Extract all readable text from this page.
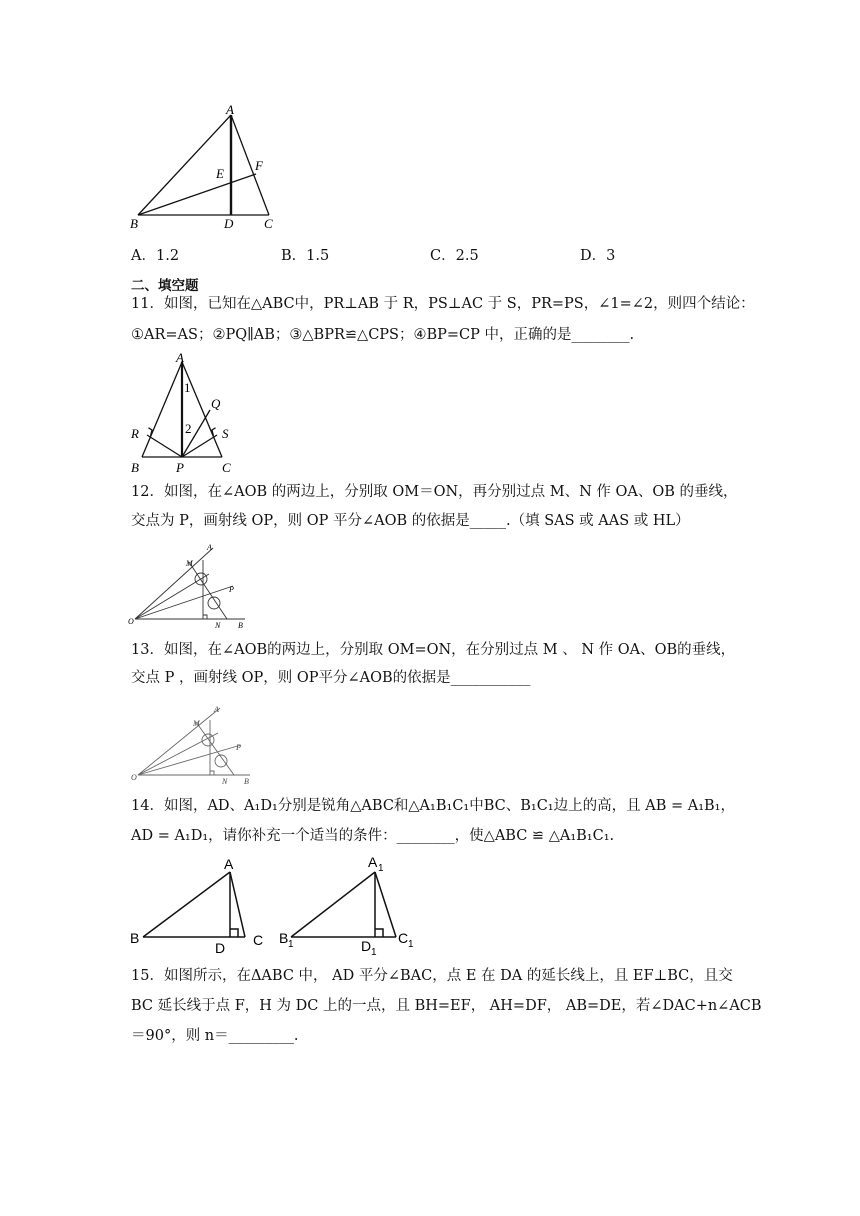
A
E
F
B	D C
A．1.2	B．1.5	C．2.5	D．3
二、填空题
11．如图，已知在△ABC中，PR⊥AB 于 R，PS⊥AC 于 S，PR=PS，∠1=∠2，则四个结论：
①AR=AS；②PQ∥AB；③△BPR≌△CPS；④BP=CP 中，正确的是________.
A
1
Q
2
R	S
B	P	C
12．如图，在∠AOB 的两边上，分别取 OM＝ON，再分别过点 M、N 作 OA、OB 的垂线，
交点为 P，画射线 OP，则 OP 平分∠AOB 的依据是_____.（填 SAS 或 AAS 或 HL）
A
M
P
O	N B
13．如图，在∠AOB的两边上，分别取 OM=ON，在分别过点 M 、 N 作 OA、OB的垂线，
交点 P ，画射线 OP，则 OP平分∠AOB的依据是___________
A
M
P
O	N B
14．如图，AD、A₁D₁分别是锐角△ABC和△A₁B₁C₁中BC、B₁C₁边上的高，且 AB = A₁B₁，
AD = A₁D₁，请你补充一个适当的条件：________，使△ABC ≌ △A₁B₁C₁.
A
B
D C
A 1
B 1	D 1
C 1
15．如图所示，在ΔABC 中， AD 平分∠BAC，点 E 在 DA 的延长线上，且 EF⊥BC，且交
BC 延长线于点 F，H 为 DC 上的一点，且 BH=EF， AH=DF， AB=DE，若∠DAC+n∠ACB
＝90°，则 n＝_________.
